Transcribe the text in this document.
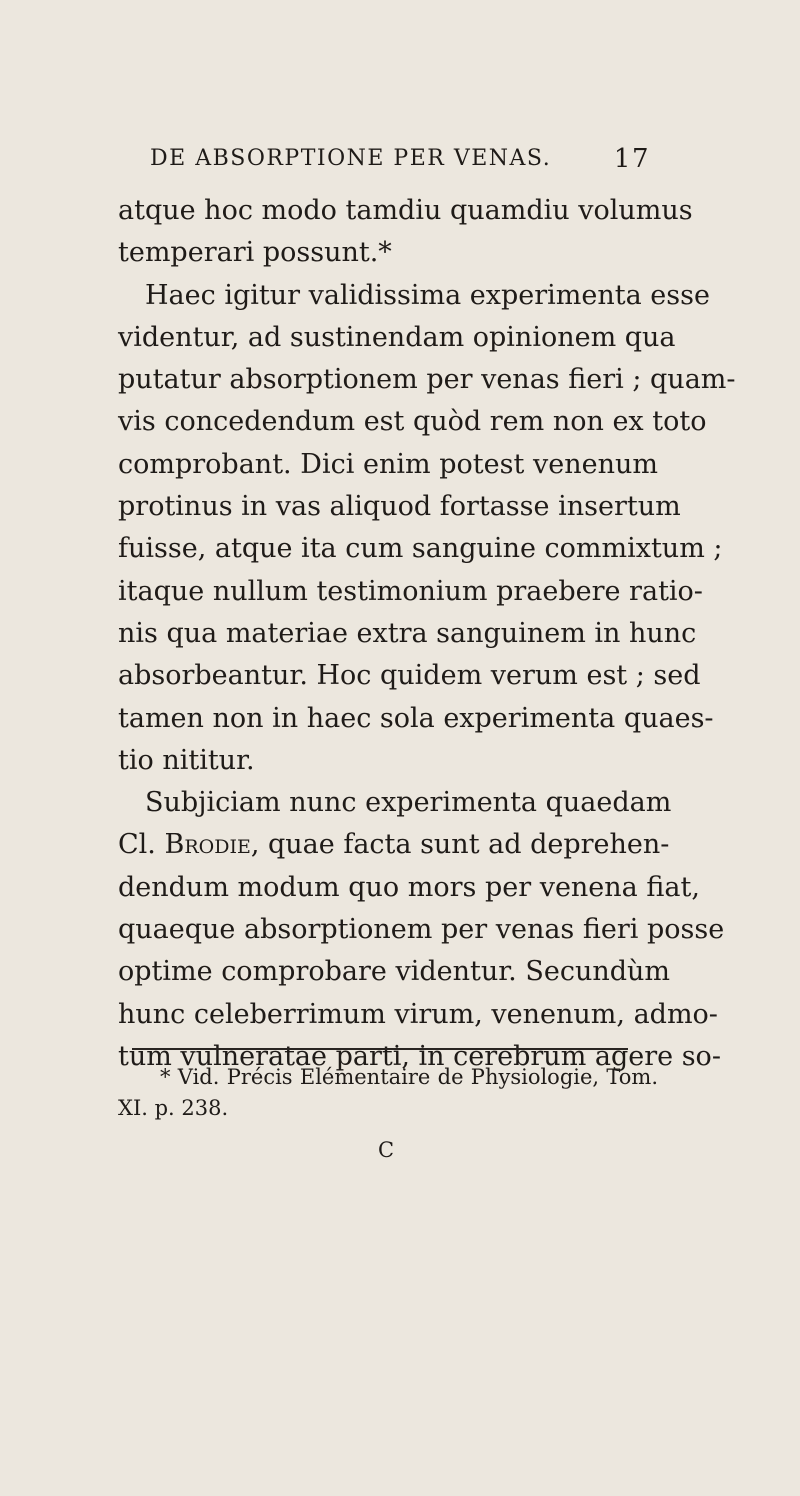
DE ABSORPTIONE PER VENAS. 17
atque hoc modo tamdiu quamdiu volumus
temperari possunt.*
Haec igitur validissima experimenta esse
videntur, ad sustinendam opinionem qua
putatur absorptionem per venas fieri ; quam-
vis concedendum est quòd rem non ex toto
comprobant. Dici enim potest venenum
protinus in vas aliquod fortasse insertum
fuisse, atque ita cum sanguine commixtum ;
itaque nullum testimonium praebere ratio-
nis qua materiae extra sanguinem in hunc
absorbeantur. Hoc quidem verum est ; sed
tamen non in haec sola experimenta quaes-
tio nititur.
Subjiciam nunc experimenta quaedam
Cl. Brodie, quae facta sunt ad deprehen-
dendum modum quo mors per venena fiat,
quaeque absorptionem per venas fieri posse
optime comprobare videntur. Secundùm
hunc celeberrimum virum, venenum, admo-
tum vulneratae parti, in cerebrum agere so-
* Vid. Précis Elémentaire de Physiologie, Tom.
XI. p. 238.
C
